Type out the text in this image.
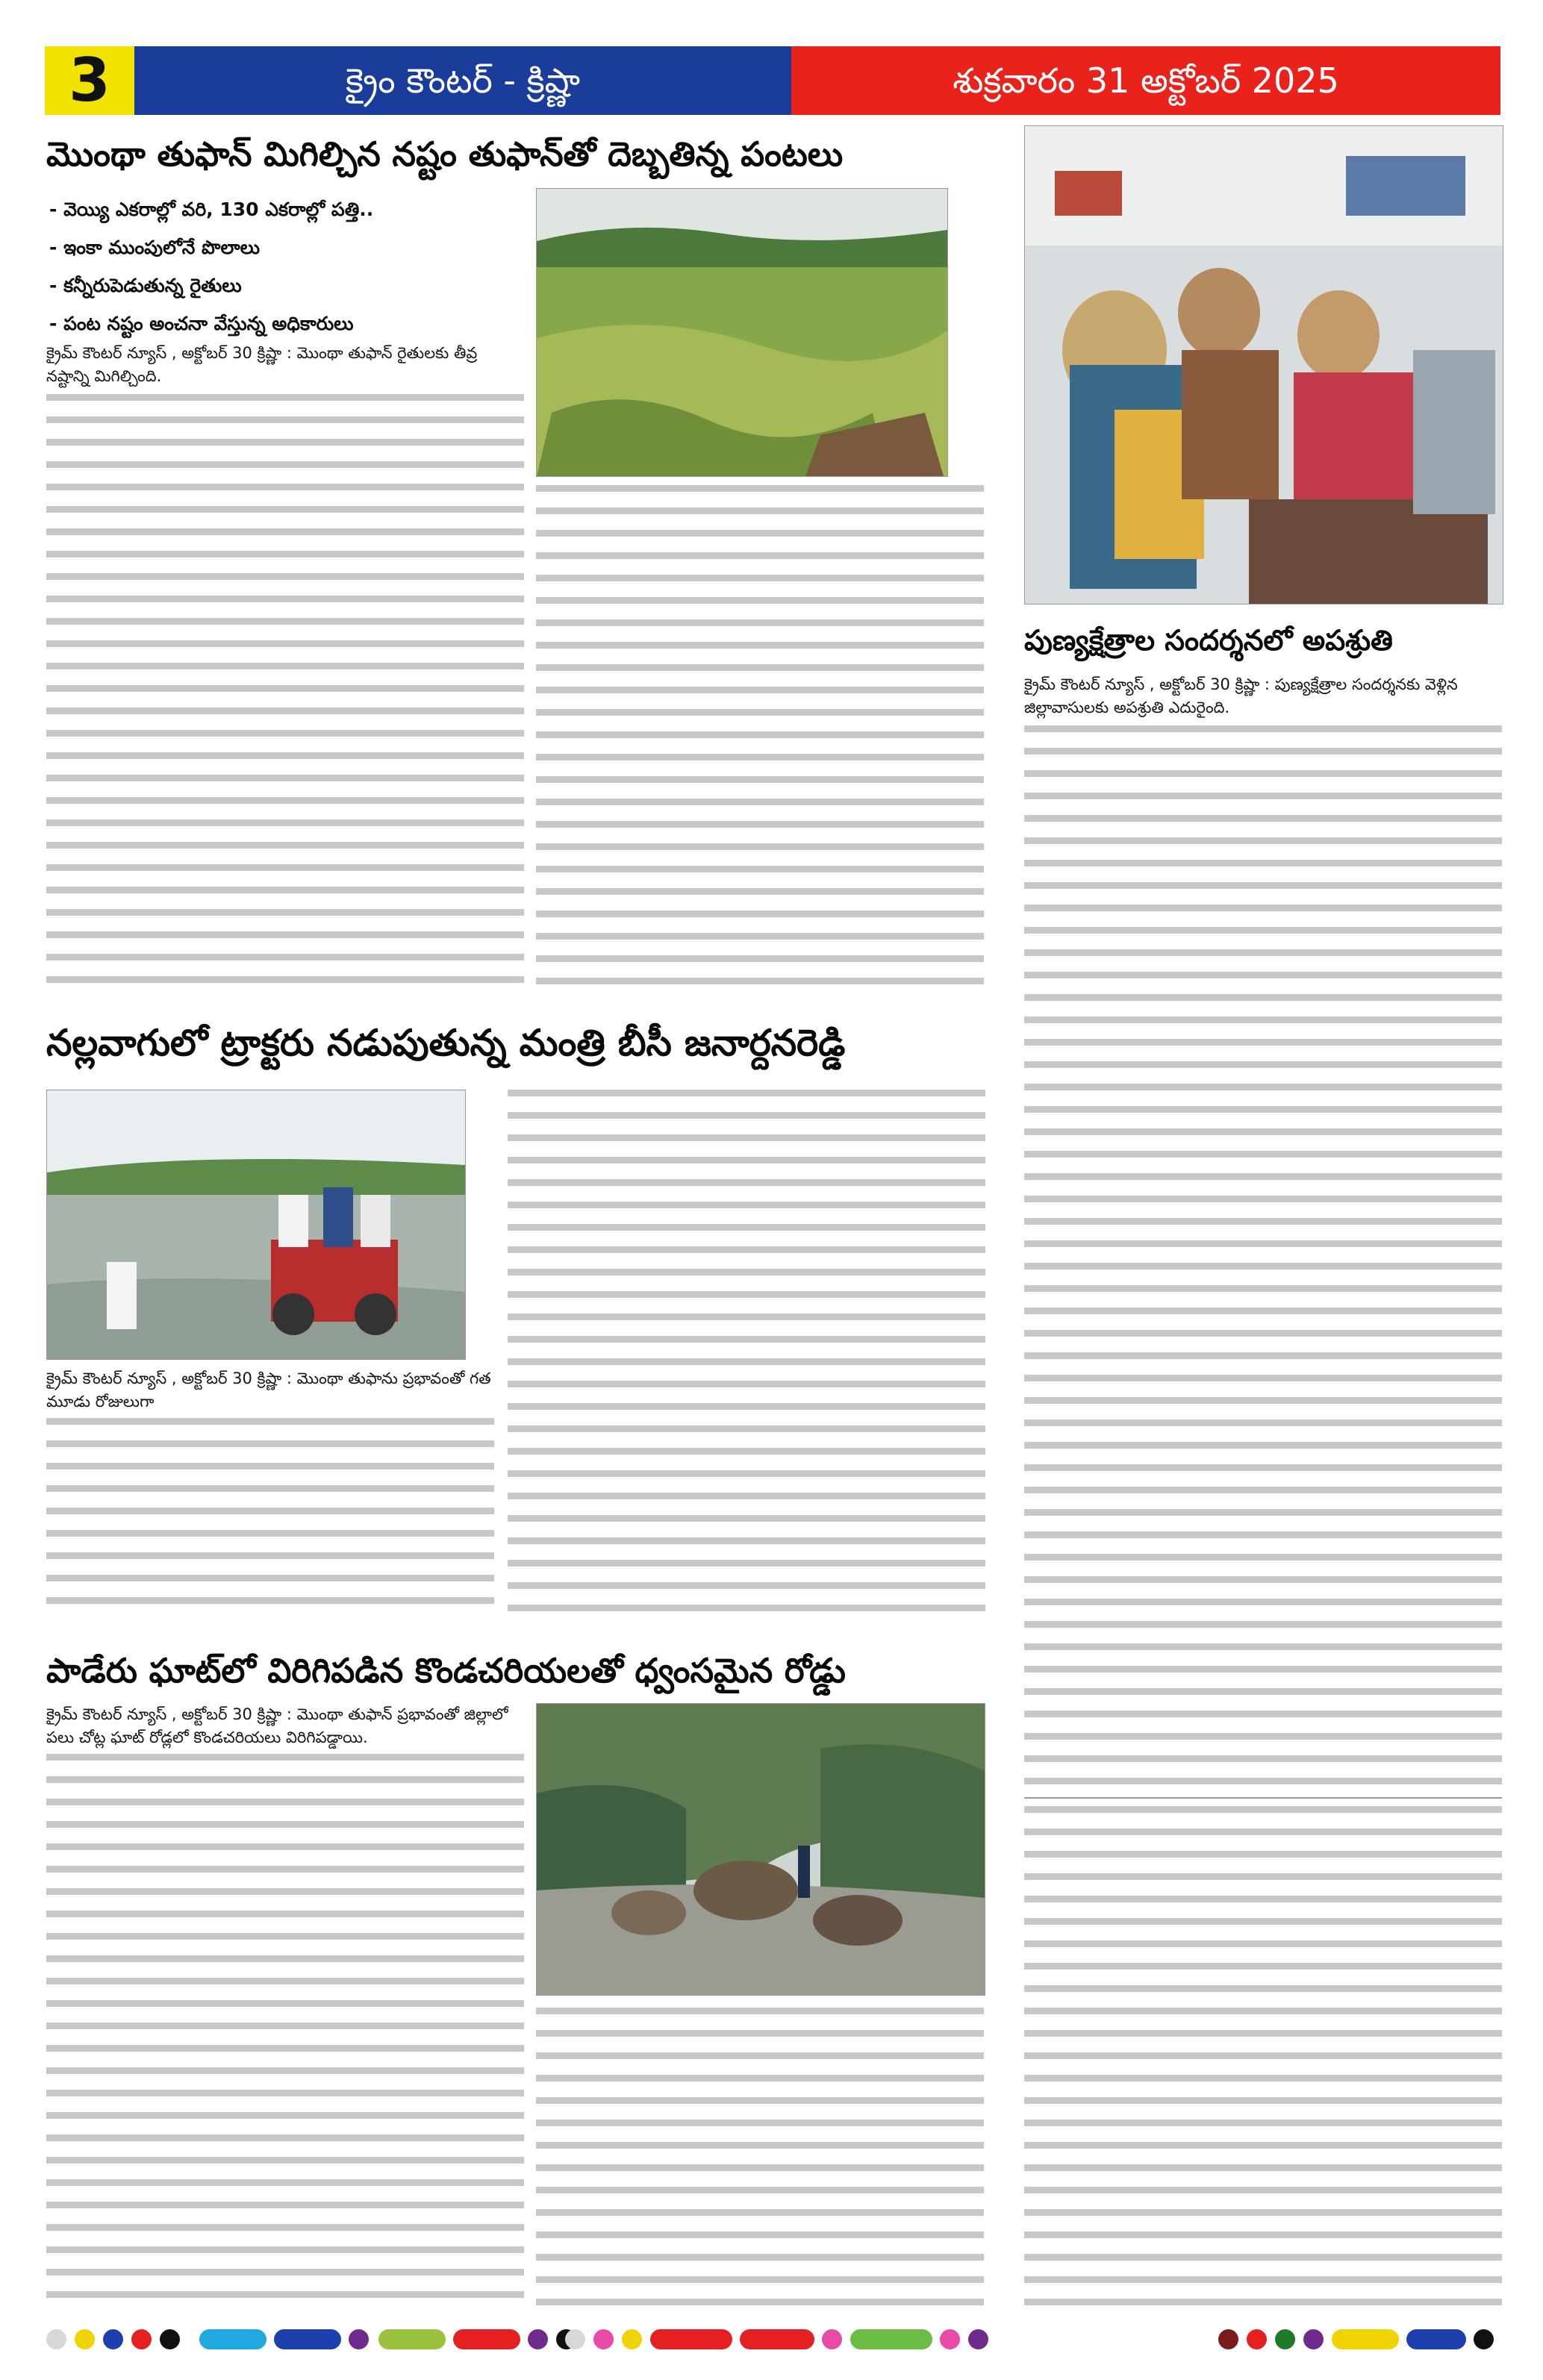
3	క్రైం కౌంటర్ - క్రిష్ణా	శుక్రవారం 31 అక్టోబర్ 2025
మొంథా తుఫాన్ మిగిల్చిన నష్టం తుఫాన్‌తో దెబ్బతిన్న పంటలు
- వెయ్యి ఎకరాల్లో వరి, 130 ఎకరాల్లో పత్తి..
- ఇంకా ముంపులోనే పొలాలు
- కన్నీరుపెడుతున్న రైతులు
- పంట నష్టం అంచనా వేస్తున్న అధికారులు
క్రైమ్ కౌంటర్ న్యూస్ , అక్టోబర్ 30 క్రిష్ణా : మొంథా తుఫాన్ రైతులకు తీవ్ర నష్టాన్ని మిగిల్చింది.
పుణ్యక్షేత్రాల సందర్శనలో అపశ్రుతి
క్రైమ్ కౌంటర్ న్యూస్ , అక్టోబర్ 30 క్రిష్ణా : పుణ్యక్షేత్రాల సందర్శనకు వెళ్లిన జిల్లావాసులకు అపశ్రుతి ఎదురైంది.
నల్లవాగులో ట్రాక్టరు నడుపుతున్న మంత్రి బీసీ జనార్దనరెడ్డి
క్రైమ్ కౌంటర్ న్యూస్ , అక్టోబర్ 30 క్రిష్ణా : మొంథా తుఫాను ప్రభావంతో గత మూడు రోజులుగా
పాడేరు ఘాట్‌లో విరిగిపడిన కొండచరియలతో ధ్వంసమైన రోడ్డు
క్రైమ్ కౌంటర్ న్యూస్ , అక్టోబర్ 30 క్రిష్ణా : మొంథా తుఫాన్ ప్రభావంతో జిల్లాలో పలు చోట్ల ఘాట్ రోడ్లలో కొండచరియలు విరిగిపడ్డాయి.
